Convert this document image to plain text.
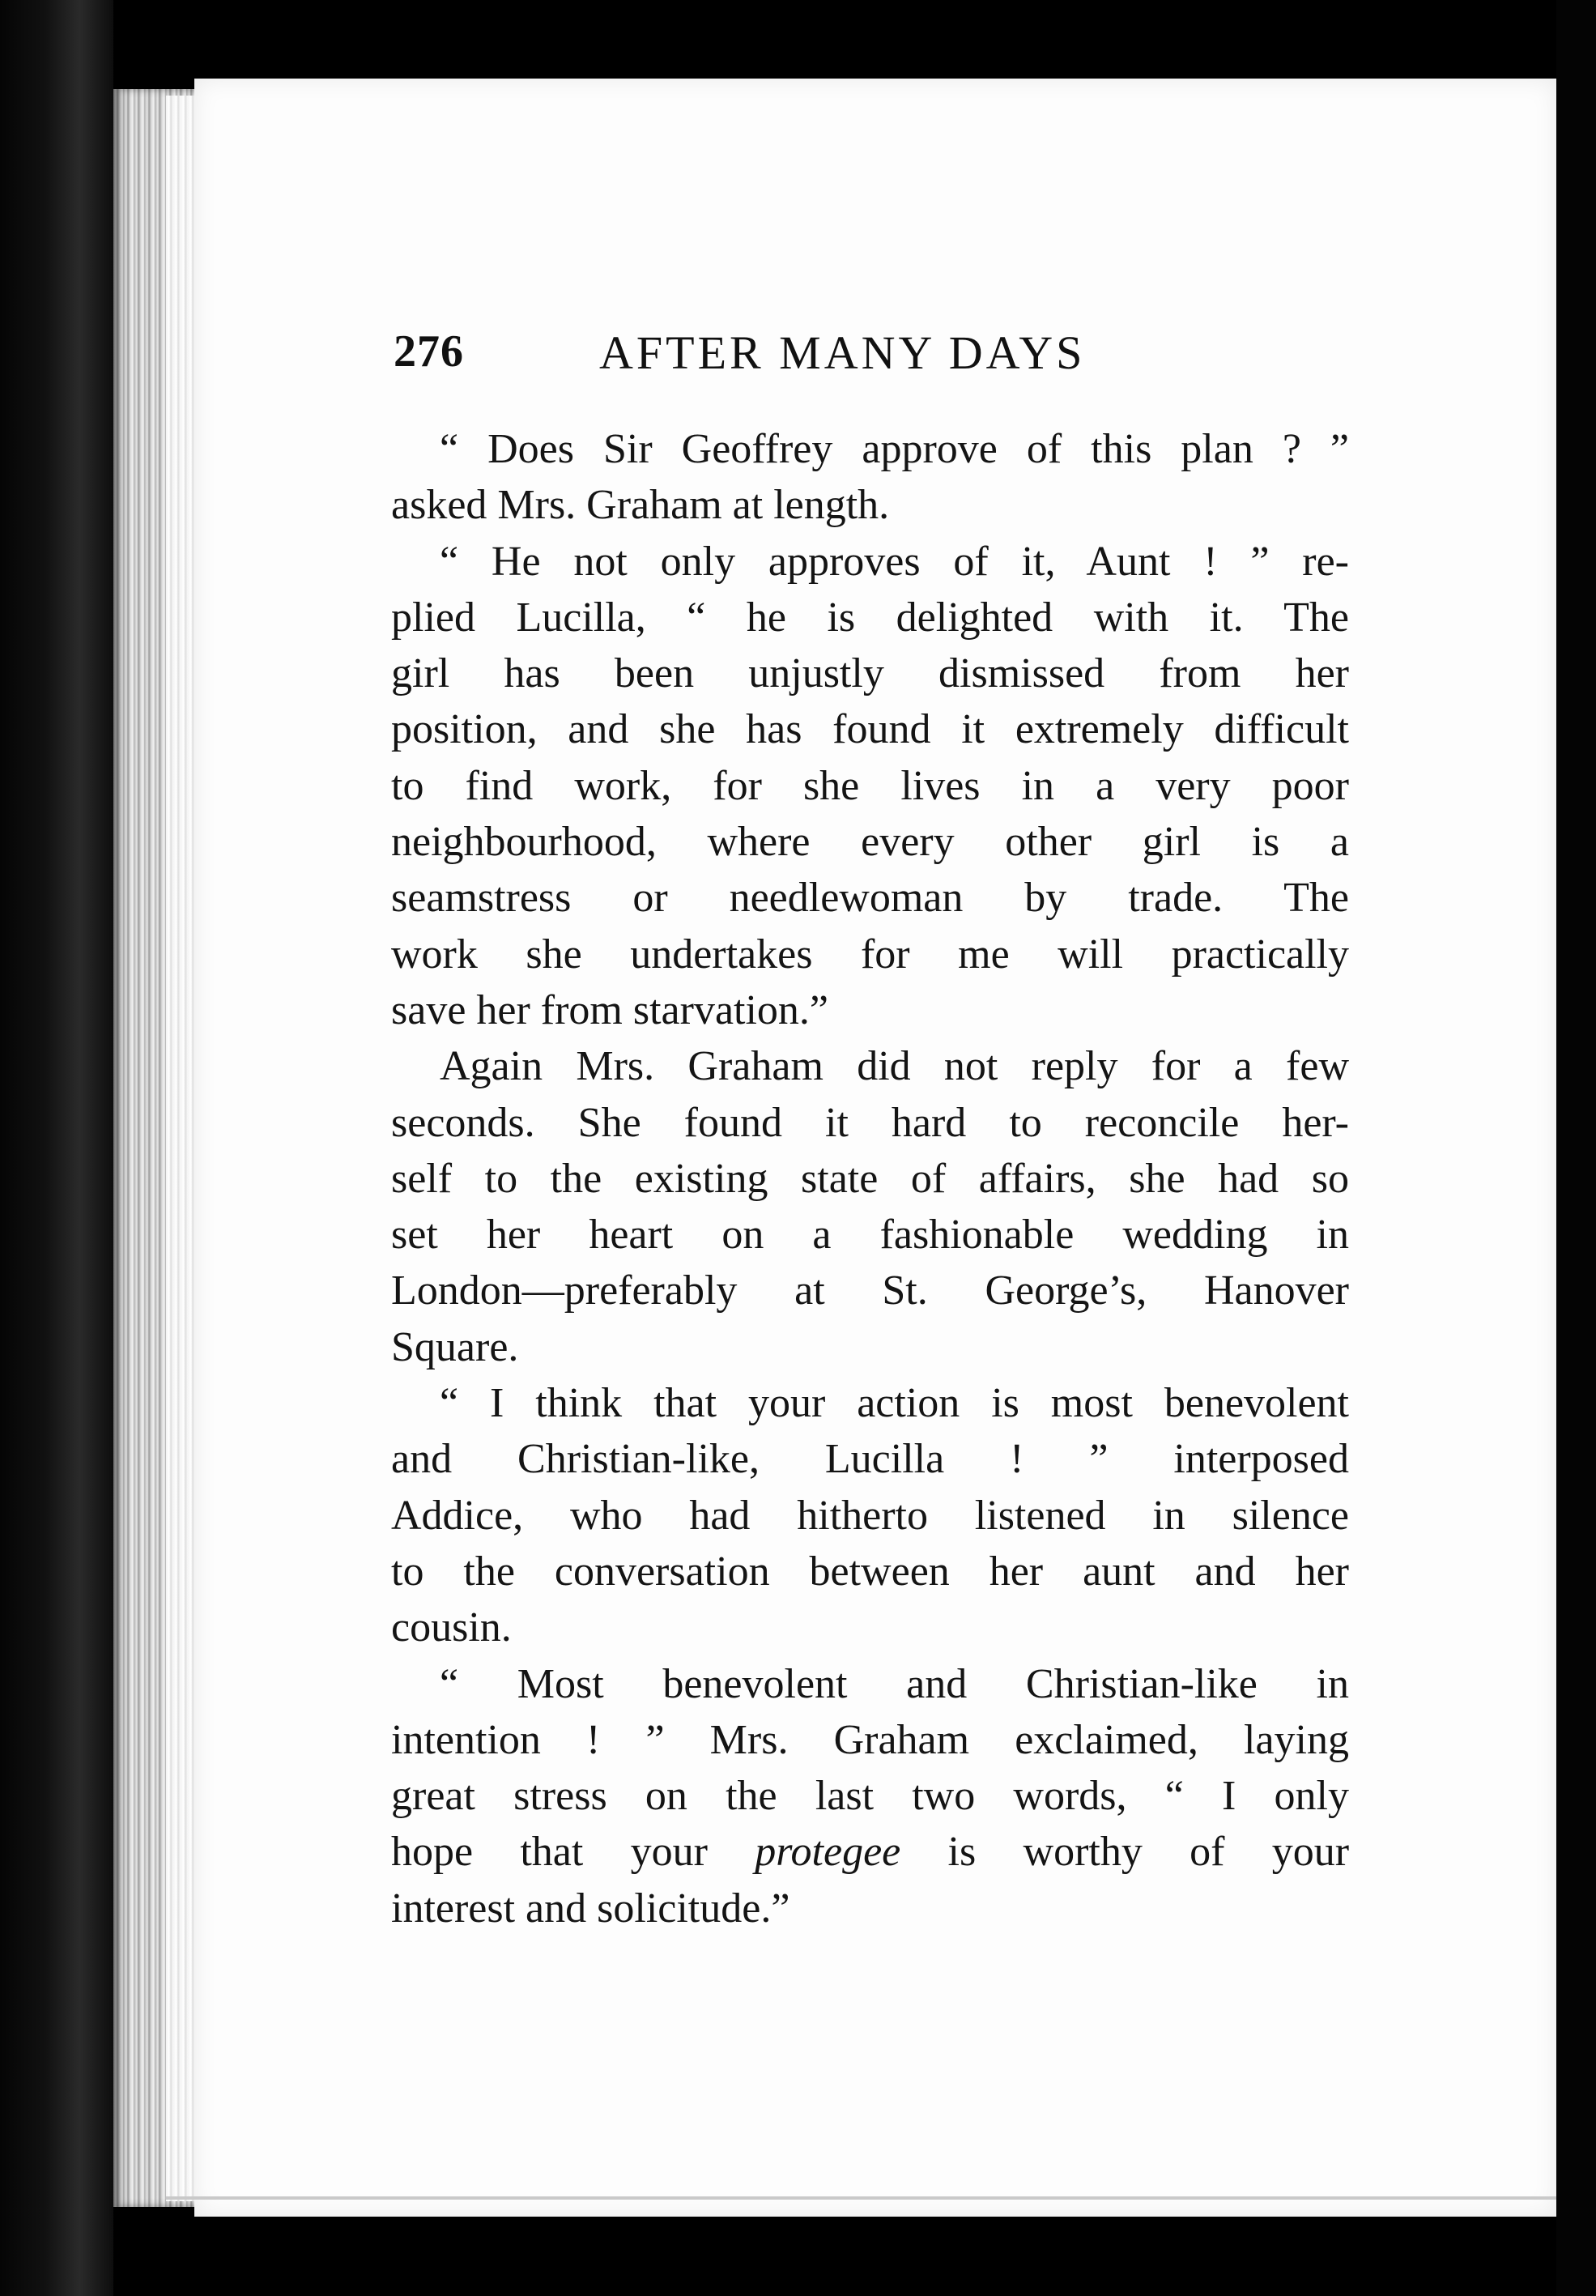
276	AFTER MANY DAYS
“ Does Sir Geoffrey approve of this plan ? ”
asked Mrs. Graham at length.
“ He not only approves of it, Aunt ! ” re-
plied Lucilla, “ he is delighted with it. The
girl has been unjustly dismissed from her
position, and she has found it extremely difficult
to find work, for she lives in a very poor
neighbourhood, where every other girl is a
seamstress or needlewoman by trade. The
work she undertakes for me will practically
save her from starvation.”
Again Mrs. Graham did not reply for a few
seconds. She found it hard to reconcile her-
self to the existing state of affairs, she had so
set her heart on a fashionable wedding in
London—preferably at St. George’s, Hanover
Square.
“ I think that your action is most benevolent
and Christian-like, Lucilla ! ” interposed
Addice, who had hitherto listened in silence
to the conversation between her aunt and her
cousin.
“ Most benevolent and Christian-like in
intention ! ” Mrs. Graham exclaimed, laying
great stress on the last two words, “ I only
hope that your protegee is worthy of your
interest and solicitude.”
